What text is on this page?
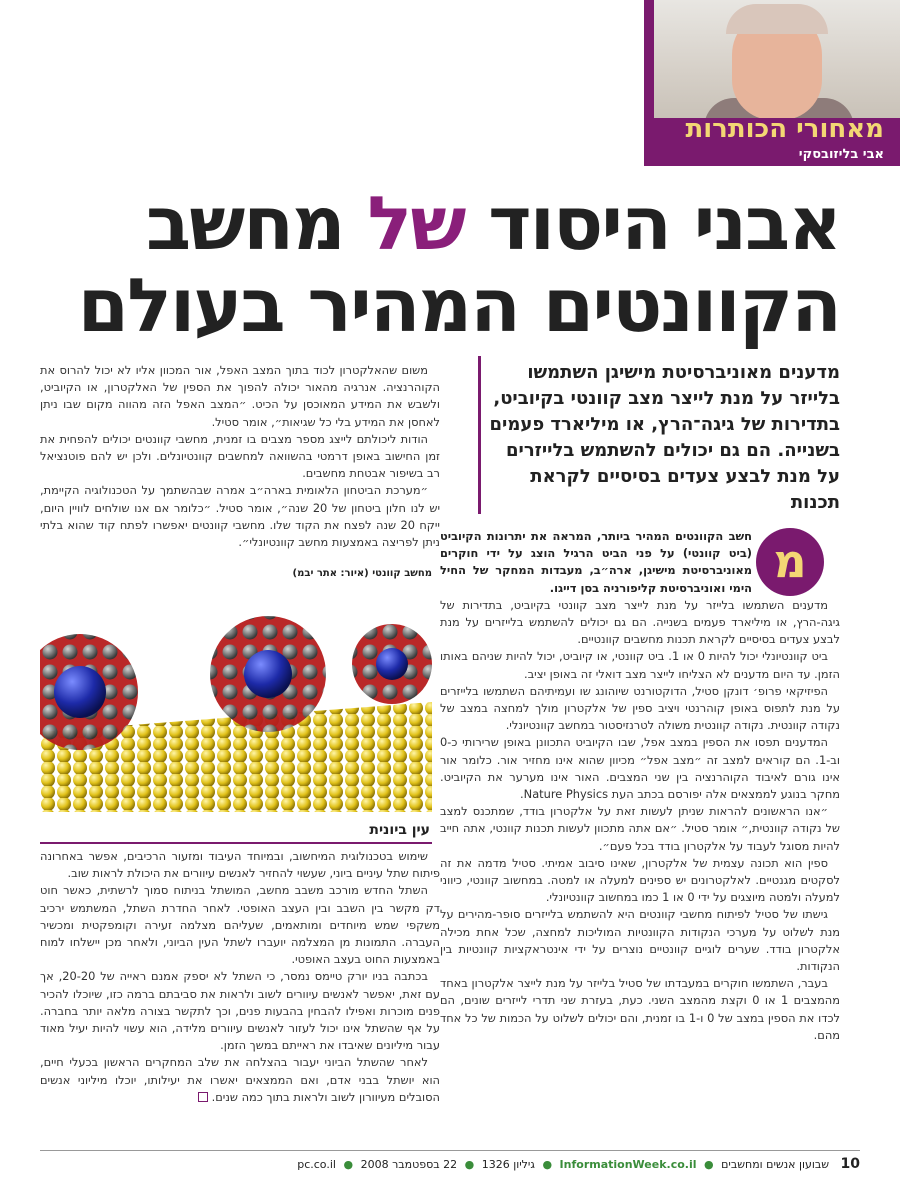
מאחורי הכותרות
אבי בליזובסקי
אבני היסוד של מחשב
הקוונטים המהיר בעולם
מדענים מאוניברסיטת מישיגן השתמשו בלייזר על מנת לייצר מצב קוונטי בקיוביט, בתדירות של גיגה־הרץ, או מיליארד פעמים בשנייה. הם גם יכולים להשתמש בלייזרים על מנת לבצע צעדים בסיסיים לקראת תכנות
מ
חשב הקוונטים המהיר ביותר, המראה את יתרונות הקיוביט (ביט קוונטי) על פני הביט הרגיל הוצג על ידי חוקרים מאוניברסיטת מישיגן, ארה״ב, מעבדות המחקר של החיל הימי ואוניברסיטת קליפורניה בסן דייגו.

מדענים השתמשו בלייזר על מנת לייצר מצב קוונטי בקיוביט, בתדירות של גיגה-הרץ, או מיליארד פעמים בשנייה. הם גם יכולים להשתמש בלייזרים על מנת לבצע צעדים בסיסיים לקראת תכנות מחשבים קוונטיים.

ביט קוונטיונלי יכול להיות 0 או 1. ביט קוונטי, או קיוביט, יכול להיות שניהם באותו הזמן. עד היום מדענים לא הצליחו לייצר מצב דואלי זה באופן יציב.

הפיזיקאי פרופ׳ דונקן סטיל, הדוקטורנט שיוהונג שו ועמיתיהם השתמשו בלייזרים על מנת לתפוס באופן קוהרנטי ויציב ספין של אלקטרון מולך למחצה במצב של נקודה קוונטית. נקודה קוונטית משולה לטרנזיסטור במחשב קוונטיונלי.

המדענים תפסו את הספין במצב אפל, שבו הקיוביט התכוונן באופן שרירותי כ-0 וב-1. הם קוראים למצב זה ״מצב אפל״ מכיוון שהוא אינו מחזיר אור. כלומר אור אינו גורם לאיבוד הקוהרנציה בין שני המצבים. האור אינו מערער את הקיוביט. מחקר בנוגע לממצאים אלה יפורסם בכתב העת Nature Physics.

״אנו הראשונים להראות שניתן לעשות זאת על אלקטרון בודד, שמתכנס למצב של נקודה קוונטית,״ אומר סטיל. ״אם אתה מתכוון לעשות תכנות קוונטי, אתה חייב להיות מסוגל לעבוד על אלקטרון בודד בכל פעם״.

ספין הוא תכונה עצמית של אלקטרון, שאינו סיבוב אמיתי. סטיל מדמה את זה לסקטים מגנטיים. לאלקטרונים יש ספינים למעלה או למטה. במחשוב קוונטי, כיווני למעלה ולמטה מיוצגים על ידי 0 או 1 כמו במחשוב קוונטיונלי.

גישתו של סטיל לפיתוח מחשבי קוונטים היא להשתמש בלייזרים סופר-מהירים על מנת לשלוט על מערכי הנקודות הקוונטיות המוליכות למחצה, שכל אחת מכילה אלקטרון בודד. שערים לוגיים קוונטיים נוצרים על ידי אינטראקציות קוונטיות בין הנקודות.

בעבר, השתמשו חוקרים במעבדתו של סטיל בלייזר על מנת לייצר אלקטרון באחד מהמצבים 1 או 0 וקצת מהמצב השני. כעת, בעזרת שני תדרי לייזרים שונים, הם לכדו את הספין במצב של 0 ו-1 בו זמנית, והם יכולים לשלוט על הכמות של כל אחד מהם.

משום שהאלקטרון לכוד בתוך המצב האפל, אור המכוון אליו לא יכול להרוס את הקוהרנציה. אנרגיה מהאור יכולה להפוך את הספין של האלקטרון, או הקיוביט, ולשבש את המידע המאוכסן על הכיט. ״המצב האפל הזה מהווה מקום שבו ניתן לאחסן את המידע בלי כל שגיאות״, אומר סטיל.

הודות ליכולתם לייצג מספר מצבים בו זמנית, מחשבי קוונטים יכולים להפחית את זמן החישוב באופן דרמטי בהשוואה למחשבים קוונטיונלים. ולכן יש להם פוטנציאל רב בשיפור אבטחת מחשבים.

״מערכת הביטחון הלאומית בארה״ב אמרה שבהשתמך על הטכנולוגיה הקיימת, יש לנו חלון ביטחון של 20 שנה״, אומר סטיל. ״כלומר אם אנו שולחים לוויין היום, ייקח 20 שנה לפצח את הקוד שלו. מחשבי קוונטים יאפשרו לפתח קוד שהוא בלתי ניתן לפריצה באמצעות מחשב קוונטיונלי״.

מחשב קוונטי (איור: אתר יבמ)
עין ביונית

שימוש בטכנולוגית המיחשוב, ובמיוחד העיבוד ומזעור הרכיבים, אפשר באחרונה פיתוח שתל עיניים ביוני, שעשוי להחזיר לאנשים עיוורים את היכולת לראות שוב.

השתל החדש מורכב משבב מחשב, המושתל בניתוח סמוך לרשתית, כאשר חוט דק מקשר בין השבב ובין העצב האופטי. לאחר החדרת השתל, המשתמש ירכיב משקפי שמש מיוחדים ומותאמים, שעליהם מצלמה זעירה וקומפקטית ומכשיר העברה. התמונות מן המצלמה יועברו לשתל העין הביוני, ולאחר מכן יישלחו למוח באמצעות החוט בעצב האופטי.

בכתבה בניו יורק טיימס נמסר, כי השתל לא יספק אמנם ראייה של 20-20, אך עם זאת, יאפשר לאנשים עיוורים לשוב ולראות את סביבתם ברמה כזו, שיוכלו להכיר פנים מוכרות ואפילו להבחין בהבעות פנים, וכך לתקשר בצורה מלאה יותר בחברה. על אף שהשתל אינו יכול לעזור לאנשים עיוורים מלידה, הוא עשוי להיות יעיל מאוד עבור מיליונים שאיבדו את ראייתם במשך הזמן.

לאחר שהשתל הביוני יעבור בהצלחה את שלב המחקרים הראשון בכעלי חיים, הוא יושתל בבני אדם, ואם הממצאים יאשרו את יעילותו, יוכלו מיליוני אנשים הסובלים מעיוורון לשוב ולראות בתוך כמה שנים.

10 שבועון אנשים ומחשבים ● InformationWeek.co.il ● גיליון 1326 ● 22 בספטמבר 2008 ● pc.co.il
